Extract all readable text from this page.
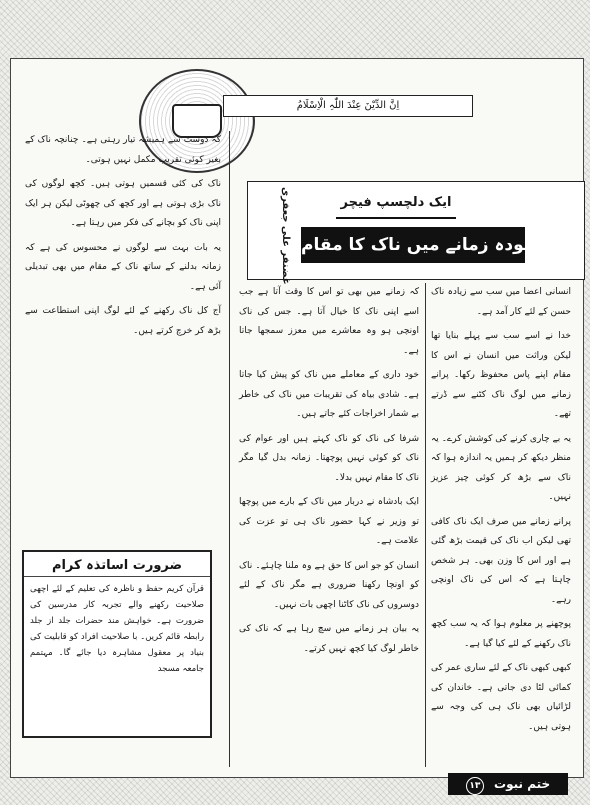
اِنَّ الدِّیْنَ عِنْدَ اللّٰہِ الْاِسْلَامُ
ایک دلچسپ فیچر
موجودہ زمانے میں ناک کا مقام
غضنفر علی جعفری

انسانی اعضا میں سب سے زیادہ ناک حسن کے لئے کار آمد ہے۔

خدا نے اسے سب سے پہلے بنایا تھا لیکن وراثت میں انسان نے اس کا مقام اپنے پاس محفوظ رکھا۔ پرانے زمانے میں لوگ ناک کٹنے سے ڈرتے تھے۔

یہ بے چاری کرنے کی کوشش کرے۔ یہ منظر دیکھ کر ہمیں یہ اندازہ ہوا کہ ناک سے بڑھ کر کوئی چیز عزیز نہیں۔

پرانے زمانے میں صرف ایک ناک کافی تھی لیکن اب ناک کی قیمت بڑھ گئی ہے اور اس کا وزن بھی۔ ہر شخص چاہتا ہے کہ اس کی ناک اونچی رہے۔

پوچھنے پر معلوم ہوا کہ یہ سب کچھ ناک رکھنے کے لئے کیا گیا ہے۔

کبھی کبھی ناک کے لئے ساری عمر کی کمائی لٹا دی جاتی ہے۔ خاندان کی لڑائیاں بھی ناک ہی کی وجہ سے ہوتی ہیں۔

کہ زمانے میں بھی تو اس کا وقت آتا ہے جب اسے اپنی ناک کا خیال آتا ہے۔ جس کی ناک اونچی ہو وہ معاشرے میں معزز سمجھا جاتا ہے۔

خود داری کے معاملے میں ناک کو پیش کیا جاتا ہے۔ شادی بیاہ کی تقریبات میں ناک کی خاطر بے شمار اخراجات کئے جاتے ہیں۔

شرفا کی ناک کو ناک کہتے ہیں اور عوام کی ناک کو کوئی نہیں پوچھتا۔ زمانہ بدل گیا مگر ناک کا مقام نہیں بدلا۔

ایک بادشاہ نے دربار میں ناک کے بارے میں پوچھا تو وزیر نے کہا حضور ناک ہی تو عزت کی علامت ہے۔

انسان کو جو اس کا حق ہے وہ ملنا چاہئے۔ ناک کو اونچا رکھنا ضروری ہے مگر ناک کے لئے دوسروں کی ناک کاٹنا اچھی بات نہیں۔

یہ بیان ہر زمانے میں سچ رہا ہے کہ ناک کی خاطر لوگ کیا کچھ نہیں کرتے۔

کہ دوست سے ہمیشہ تیار رہتی ہے۔ چنانچہ ناک کے بغیر کوئی تقریب مکمل نہیں ہوتی۔

ناک کی کئی قسمیں ہوتی ہیں۔ کچھ لوگوں کی ناک بڑی ہوتی ہے اور کچھ کی چھوٹی لیکن ہر ایک اپنی ناک کو بچانے کی فکر میں رہتا ہے۔

یہ بات بہت سے لوگوں نے محسوس کی ہے کہ زمانہ بدلنے کے ساتھ ناک کے مقام میں بھی تبدیلی آئی ہے۔

آج کل ناک رکھنے کے لئے لوگ اپنی استطاعت سے بڑھ کر خرچ کرتے ہیں۔

ضرورت اساتذہ کرام

قرآن کریم حفظ و ناظرہ کی تعلیم کے لئے اچھی صلاحیت رکھنے والے تجربہ کار مدرسین کی ضرورت ہے۔ خواہش مند حضرات جلد از جلد رابطہ قائم کریں۔ با صلاحیت افراد کو قابلیت کی بنیاد پر معقول مشاہرہ دیا جائے گا۔ مہتمم جامعہ مسجد

ختم نبوت ۱۳
